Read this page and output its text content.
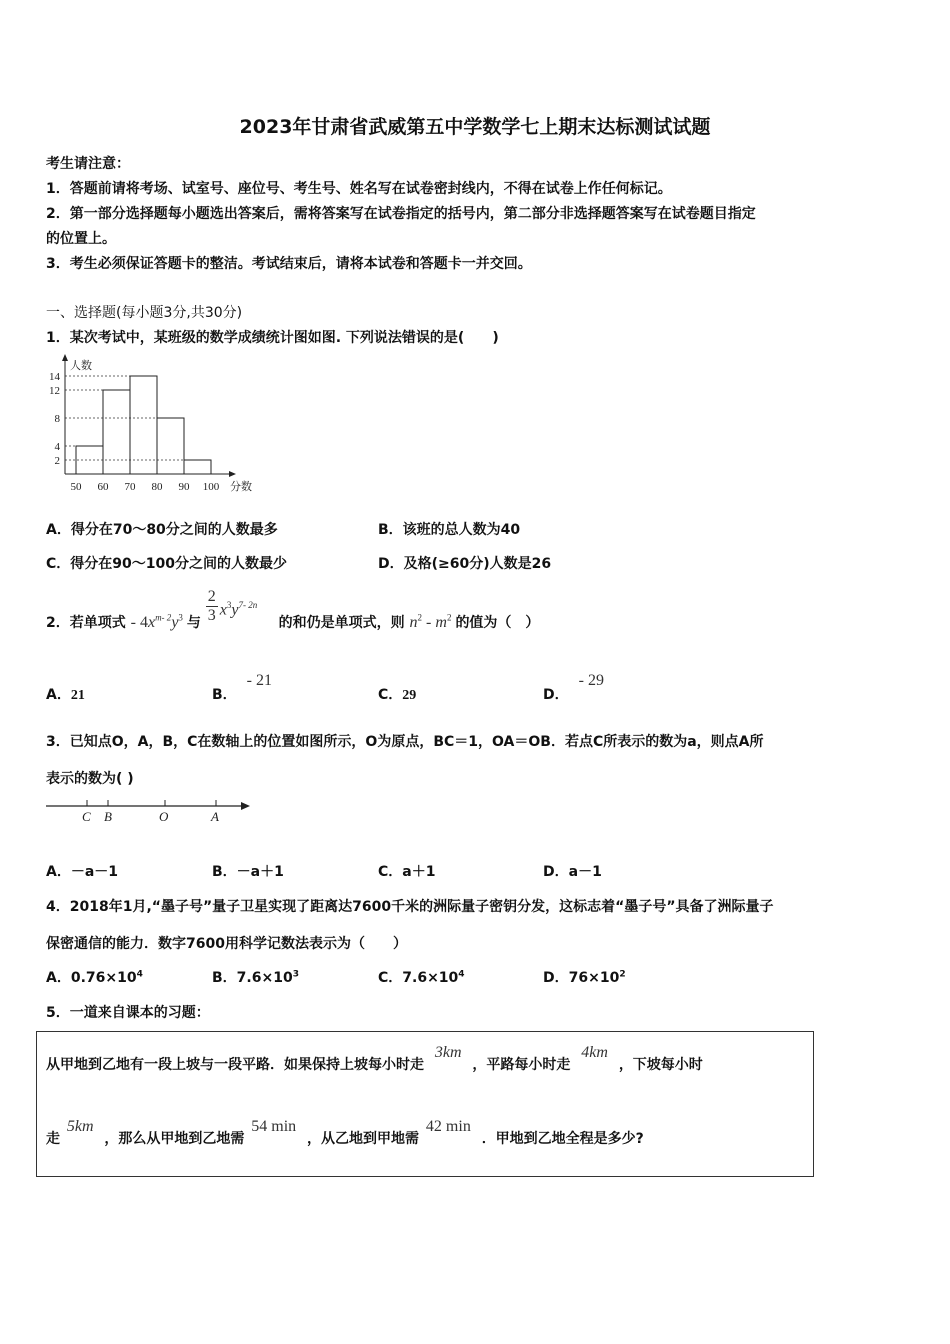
2023年甘肃省武威第五中学数学七上期末达标测试试题
考生请注意：
1．答题前请将考场、试室号、座位号、考生号、姓名写在试卷密封线内，不得在试卷上作任何标记。
2．第一部分选择题每小题选出答案后，需将答案写在试卷指定的括号内，第二部分非选择题答案写在试卷题目指定
的位置上。
3．考生必须保证答题卡的整洁。考试结束后，请将本试卷和答题卡一并交回。
一、选择题(每小题3分,共30分)
1．某次考试中，某班级的数学成绩统计图如图. 下列说法错误的是(　　)
人数
分数
2
4
8
12
14
50 60 70 80 90 100
A．得分在70～80分之间的人数最多	B．该班的总人数为40
C．得分在90～100分之间的人数最少	D．及格(≥60分)人数是26
2．若单项式 - $4x^{m- 2}y^3$ 与
2
3 $x^3y^{7- 2n}$
的和仍是单项式，则 $n^2 - m^2$ 的值为（　）
A．21	B．- 21
C．29	D．- 29
3．已知点O，A，B，C在数轴上的位置如图所示，O为原点，BC＝1，OA＝OB．若点C所表示的数为a，则点A所
表示的数为( )
C B	O	A
A．－a－1	B．－a＋1	C．a＋1	D．a－1
4．2018年1月,“墨子号”量子卫星实现了距离达7600千米的洲际量子密钥分发，这标志着“墨子号”具备了洲际量子
保密通信的能力．数字7600用科学记数法表示为（　　）
A．$0.76\times 10^4$	B．$7.6\times 10^3$	C．$7.6\times 10^4$	D．$76\times 10^2$
5．一道来自课本的习题：
从甲地到乙地有一段上坡与一段平路．如果保持上坡每小时走 3km ，平路每小时走 4km ，下坡每小时
走 5km ，那么从甲地到乙地需 54 min ，从乙地到甲地需 42 min ．甲地到乙地全程是多少?
